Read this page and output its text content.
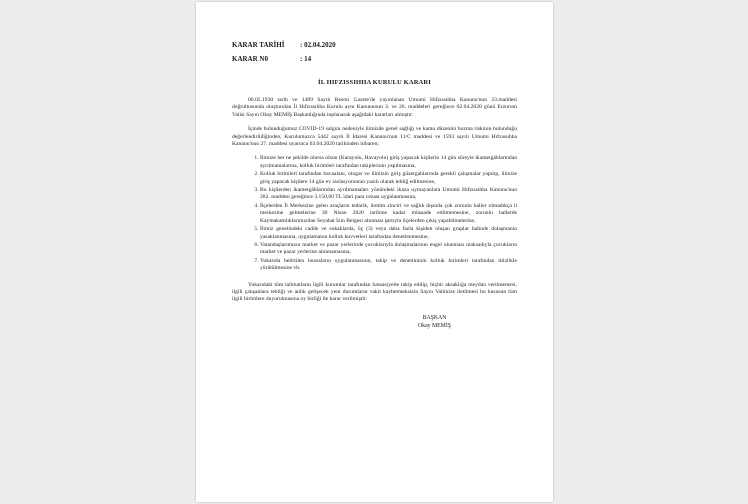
KARAR TARİHİ	: 02.04.2020
KARAR N0	: 14
İL HIFZISSIHHA KURULU KARARI

06.05.1930 tarih ve 1489 Sayılı Resmi Gazete'de yayınlanan Umumi Hıfzıssıhha Kanunu'nun 23.maddesi doğrultusunda oluşturulan İl Hıfzıssıhha Kurulu aynı Kanununun 3. ve 26. maddeleri gereğince 02.04.2020 günü Erzurum Valisi Sayın Okay MEMİŞ Başkanlığında toplanarak aşağıdaki kararları almıştır:

İçinde bulunduğumuz COVID-19 salgını nedeniyle ilimizde genel sağlığı ve kamu düzenini bozma riskinin bulunduğu değerlendirildiğinden, Kurulumuzca 5442 sayılı İl İdaresi Kanunu'nun 11/C maddesi ve 1593 sayılı Umumi Hıfzıssıhha Kanunu'nun 27. maddesi uyarınca 03.04.2020 tarihinden itibaren;

1. İlimize her ne şekilde olursa olsun (Karayolu, Havayolu) giriş yapacak kişilerin 14 gün süreyle ikametgâhlarından ayrılmamalarına, kolluk birimleri tarafından takiplerinin yapılmasına,
2. Kolluk birimleri tarafından havaalanı, otogar ve ilimizin giriş güzergahlarında gerekli çalışmalar yapılıp, ilimize giriş yapacak kişilere 14 gün ev izolasyonunun yazılı olarak tebliğ edilmesine,
3. Bu kişilerden ikametgâhlarından ayrılmamaları yönündeki ikaza uymayanlara Umumi Hıfzıssıhha Kanunu'nun 282. maddesi gereğince 3.150,00 TL idari para cezası uygulanmasına,
4. İlçelerden İl Merkezine gelen araçların tedarik, üretim zinciri ve sağlık dışında çok zorunlu haller olmadıkça il merkezine gelmelerine 30 Nisan 2020 tarihine kadar müsaade edilmemesine, zorunlu hallerde Kaymakamlıklarımızdan Seyahat İzin Belgesi alınması şartıyla ilçelerden çıkış yapabilmelerine,
5. İlimiz genelindeki cadde ve sokaklarda, üç (3) veya daha fazla kişiden oluşan gruplar halinde dolaşmanın yasaklanmasına, uygulamanın kolluk kuvvetleri tarafından denetlenmesine,
6. Vatandaşlarımızın market ve pazar yerlerinde çocuklarıyla dolaşmalarının engel olunması maksadıyla çocukların market ve pazar yerlerine alınmamasına,
7. Yukarıda belirtilen hususların uygulanmasının, takip ve denetiminin kolluk birimleri tarafından titizlikle yürütülmesine vb.

Yukarıdaki tüm talimatların ilgili kurumlar tarafından hassasiyetle takip edilip, hiçbir aksaklığa meydan verilmemesi, ilgili çalışanlara tebliği ve anlık gelişecek yeni durumların vakit kaybetmeksizin Sayın Valimize iletilmesi bu hususun tüm ilgili birimlere duyurulmasına oy birliği ile karar verilmiştir.

BAŞKAN
Okay MEMİŞ
